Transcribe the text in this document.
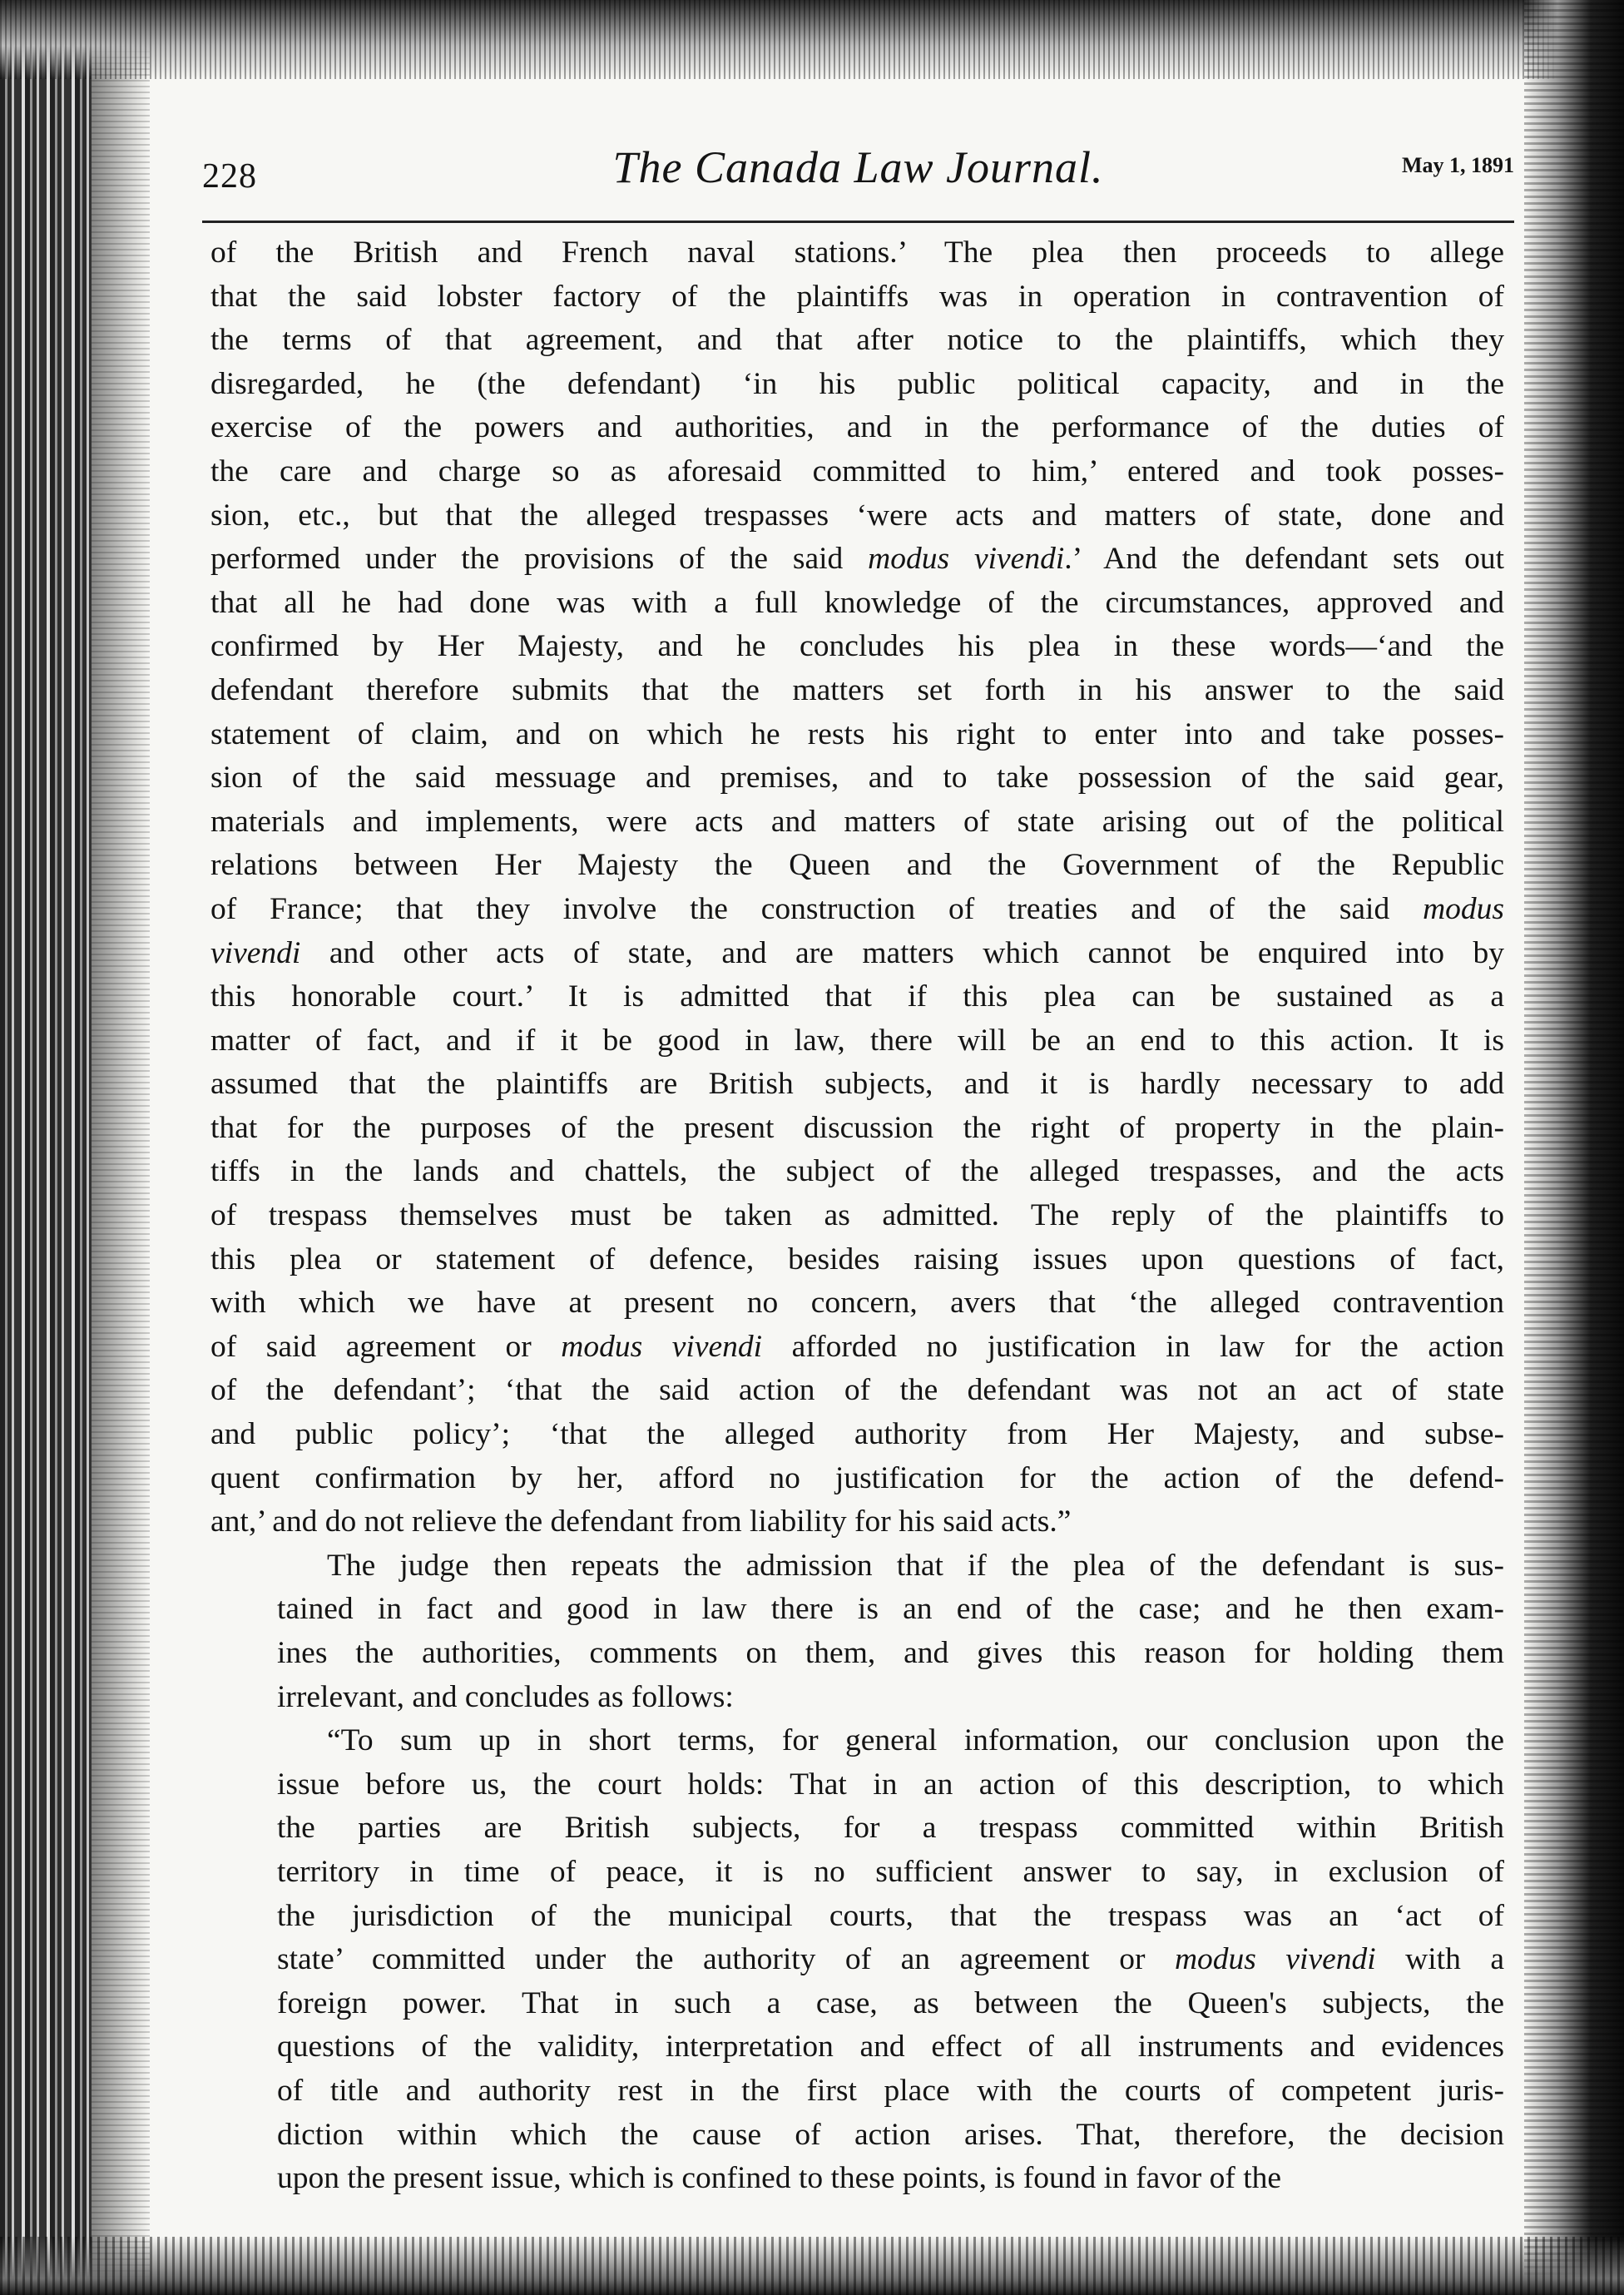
228	The Canada Law Journal.	May 1, 1891

of the British and French naval stations.’ The plea then proceeds to allege
that the said lobster factory of the plaintiffs was in operation in contravention of
the terms of that agreement, and that after notice to the plaintiffs, which they
disregarded, he (the defendant) ‘in his public political capacity, and in the
exercise of the powers and authorities, and in the performance of the duties of
the care and charge so as aforesaid committed to him,’ entered and took posses-
sion, etc., but that the alleged trespasses ‘were acts and matters of state, done and
performed under the provisions of the said modus vivendi.’ And the defendant sets out
that all he had done was with a full knowledge of the circumstances, approved and
confirmed by Her Majesty, and he concludes his plea in these words—‘and the
defendant therefore submits that the matters set forth in his answer to the said
statement of claim, and on which he rests his right to enter into and take posses-
sion of the said messuage and premises, and to take possession of the said gear,
materials and implements, were acts and matters of state arising out of the political
relations between Her Majesty the Queen and the Government of the Republic
of France; that they involve the construction of treaties and of the said modus
vivendi and other acts of state, and are matters which cannot be enquired into by
this honorable court.’ It is admitted that if this plea can be sustained as a
matter of fact, and if it be good in law, there will be an end to this action. It is
assumed that the plaintiffs are British subjects, and it is hardly necessary to add
that for the purposes of the present discussion the right of property in the plain-
tiffs in the lands and chattels, the subject of the alleged trespasses, and the acts
of trespass themselves must be taken as admitted. The reply of the plaintiffs to
this plea or statement of defence, besides raising issues upon questions of fact,
with which we have at present no concern, avers that ‘the alleged contravention
of said agreement or modus vivendi afforded no justification in law for the action
of the defendant’; ‘that the said action of the defendant was not an act of state
and public policy’; ‘that the alleged authority from Her Majesty, and subse-
quent confirmation by her, afford no justification for the action of the defend-
ant,’ and do not relieve the defendant from liability for his said acts.”

The judge then repeats the admission that if the plea of the defendant is sus-
tained in fact and good in law there is an end of the case; and he then exam-
ines the authorities, comments on them, and gives this reason for holding them
irrelevant, and concludes as follows:

“To sum up in short terms, for general information, our conclusion upon the
issue before us, the court holds: That in an action of this description, to which
the parties are British subjects, for a trespass committed within British
territory in time of peace, it is no sufficient answer to say, in exclusion of
the jurisdiction of the municipal courts, that the trespass was an ‘act of
state’ committed under the authority of an agreement or modus vivendi with a
foreign power. That in such a case, as between the Queen's subjects, the
questions of the validity, interpretation and effect of all instruments and evidences
of title and authority rest in the first place with the courts of competent juris-
diction within which the cause of action arises. That, therefore, the decision
upon the present issue, which is confined to these points, is found in favor of the
